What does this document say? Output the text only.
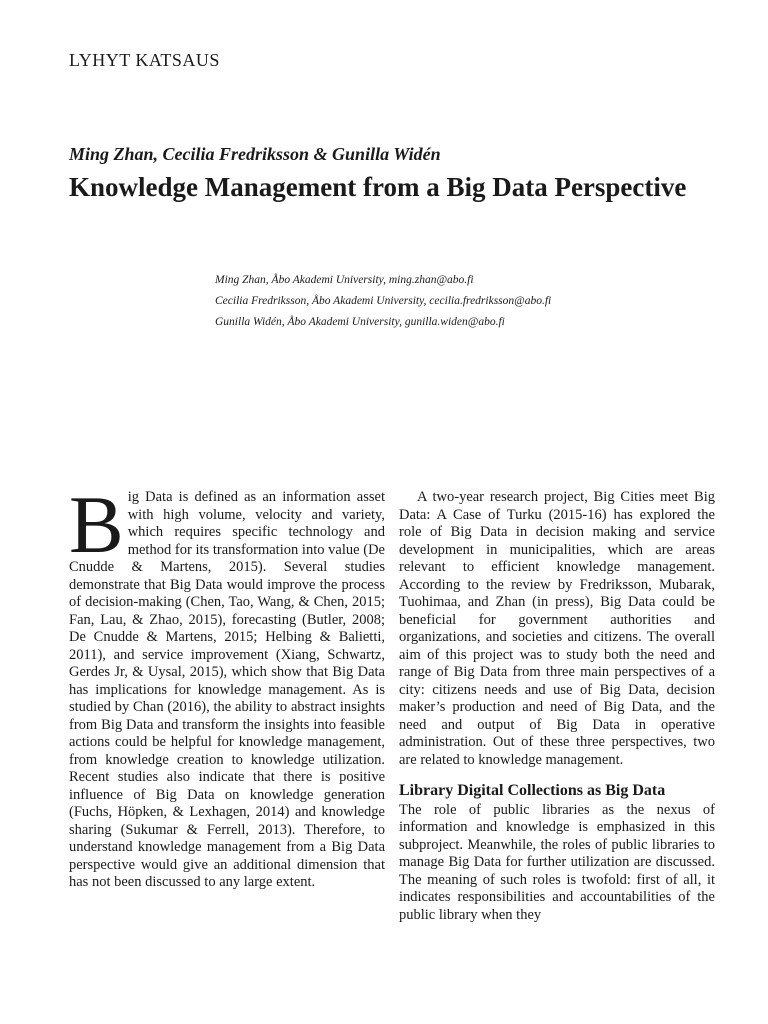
LYHYT KATSAUS
Ming Zhan, Cecilia Fredriksson & Gunilla Widén
Knowledge Management from a Big Data Perspective
Ming Zhan, Åbo Akademi University, ming.zhan@abo.fi
Cecilia Fredriksson, Åbo Akademi University, cecilia.fredriksson@abo.fi
Gunilla Widén, Åbo Akademi University, gunilla.widen@abo.fi
B ig Data is defined as an information asset with high volume, velocity and variety, which requires specific technology and method for its transformation into value (De Cnudde & Martens, 2015). Several studies demonstrate that Big Data would improve the process of decision-making (Chen, Tao, Wang, & Chen, 2015; Fan, Lau, & Zhao, 2015), forecasting (Butler, 2008; De Cnudde & Martens, 2015; Helbing & Balietti, 2011), and service improvement (Xiang, Schwartz, Gerdes Jr, & Uysal, 2015), which show that Big Data has implications for knowledge management. As is studied by Chan (2016), the ability to abstract insights from Big Data and transform the insights into feasible actions could be helpful for knowledge management, from knowledge creation to knowledge utilization. Recent studies also indicate that there is positive influence of Big Data on knowledge generation (Fuchs, Höpken, & Lexhagen, 2014) and knowledge sharing (Sukumar & Ferrell, 2013). Therefore, to understand knowledge management from a Big Data perspective would give an additional dimension that has not been discussed to any large extent.

A two-year research project, Big Cities meet Big Data: A Case of Turku (2015-16) has explored the role of Big Data in decision making and service development in municipalities, which are areas relevant to efficient knowledge management. According to the review by Fredriksson, Mubarak, Tuohimaa, and Zhan (in press), Big Data could be beneficial for government authorities and organizations, and societies and citizens. The overall aim of this project was to study both the need and range of Big Data from three main perspectives of a city: citizens needs and use of Big Data, decision maker’s production and need of Big Data, and the need and output of Big Data in operative administration. Out of these three perspectives, two are related to knowledge management.

Library Digital Collections as Big Data

The role of public libraries as the nexus of information and knowledge is emphasized in this subproject. Meanwhile, the roles of public libraries to manage Big Data for further utilization are discussed. The meaning of such roles is twofold: first of all, it indicates responsibilities and accountabilities of the public library when they
